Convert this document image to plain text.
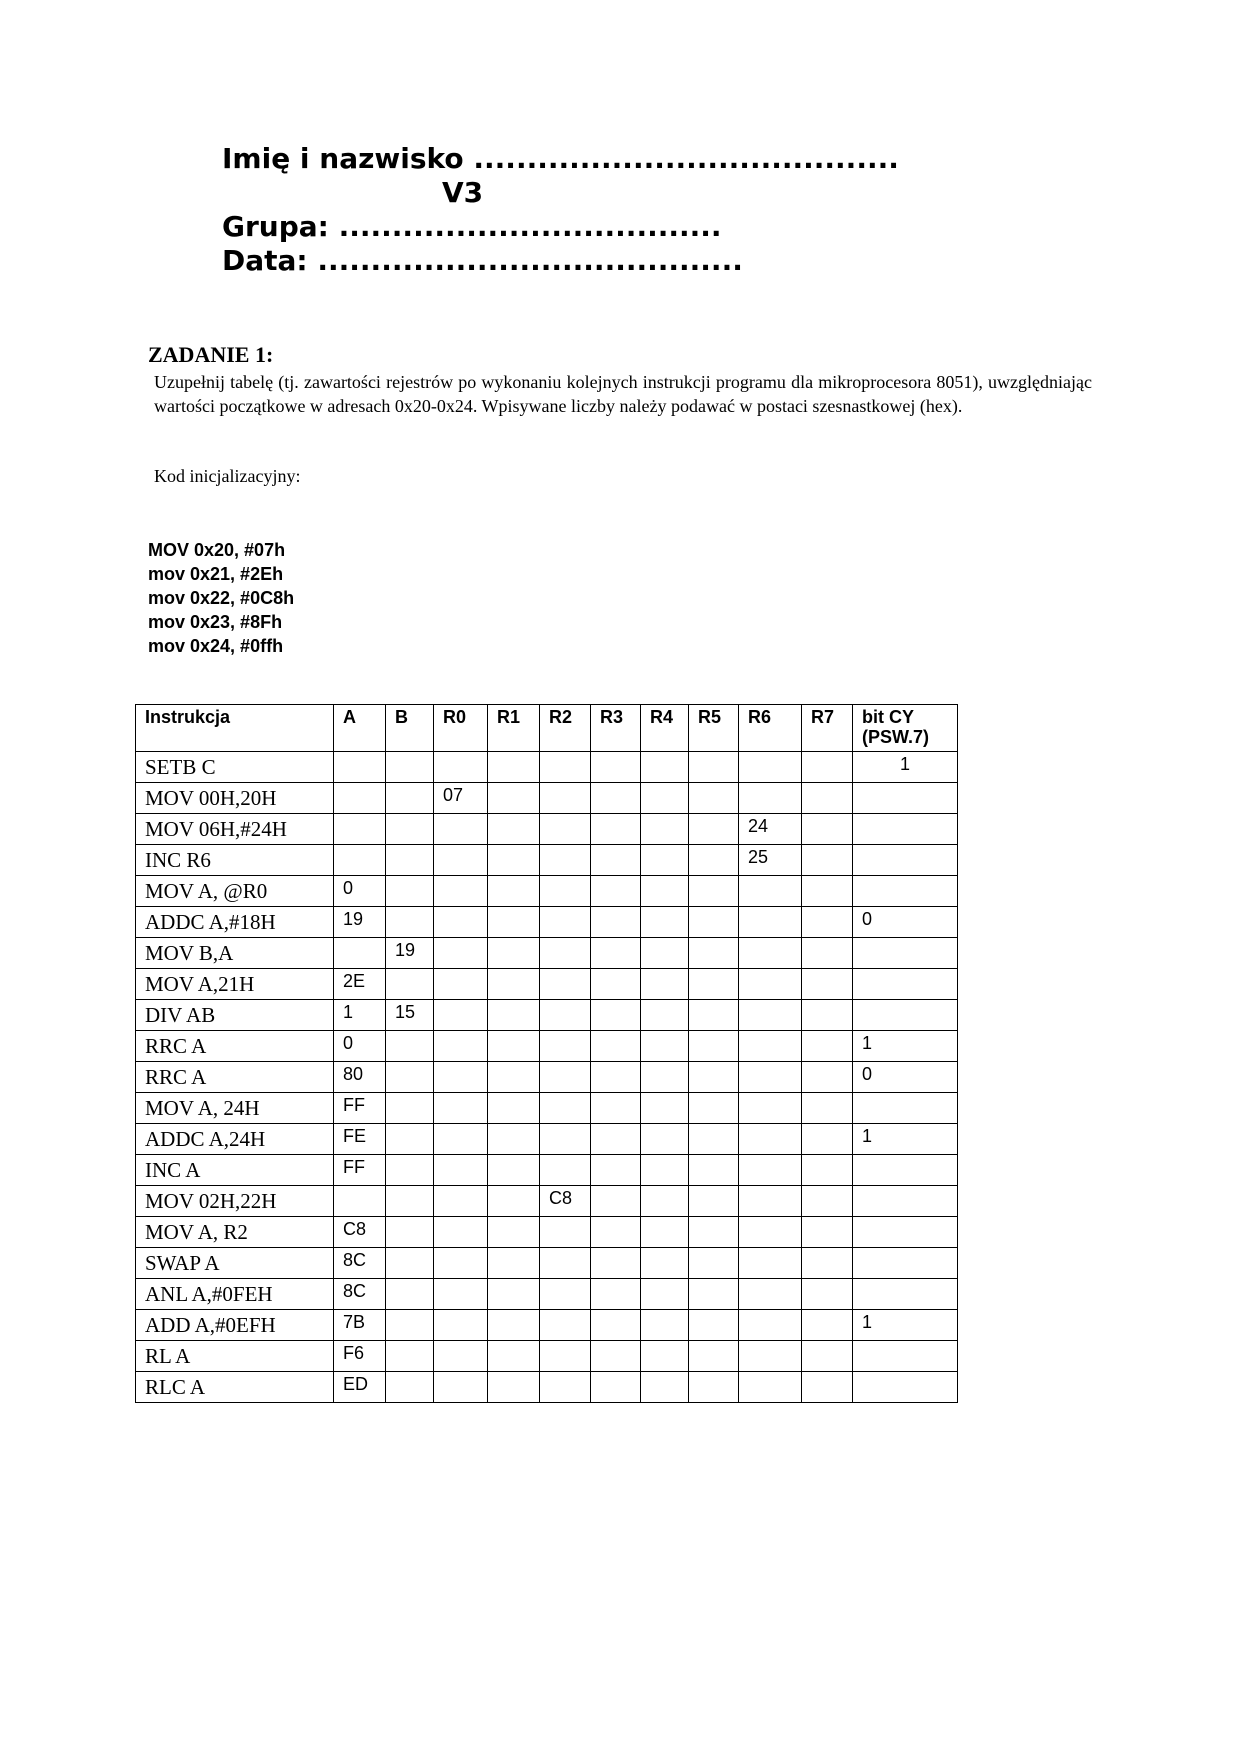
Imię i nazwisko ........................................
V3
Grupa: ....................................
Data: ........................................
ZADANIE 1:
Uzupełnij tabelę (tj. zawartości rejestrów po wykonaniu kolejnych instrukcji programu dla mikroprocesora 8051), uwzględniając wartości początkowe w adresach 0x20-0x24. Wpisywane liczby należy podawać w postaci szesnastkowej (hex).
Kod inicjalizacyjny:
MOV 0x20, #07h
mov 0x21, #2Eh
mov 0x22, #0C8h
mov 0x23, #8Fh
mov 0x24, #0ffh
Instrukcja	A	B	R0	R1	R2	R3	R4	R5	R6	R7	bit CY (PSW.7)
SETB C											1
MOV 00H,20H			07								
MOV 06H,#24H									24		
INC R6									25		
MOV A, @R0	0										
ADDC A,#18H	19										0
MOV B,A		19									
MOV A,21H	2E										
DIV AB	1	15									
RRC A	0										1
RRC A	80										0
MOV A, 24H	FF										
ADDC A,24H	FE										1
INC A	FF										
MOV 02H,22H					C8						
MOV A, R2	C8										
SWAP A	8C										
ANL A,#0FEH	8C										
ADD A,#0EFH	7B										1
RL A	F6										
RLC A	ED										
